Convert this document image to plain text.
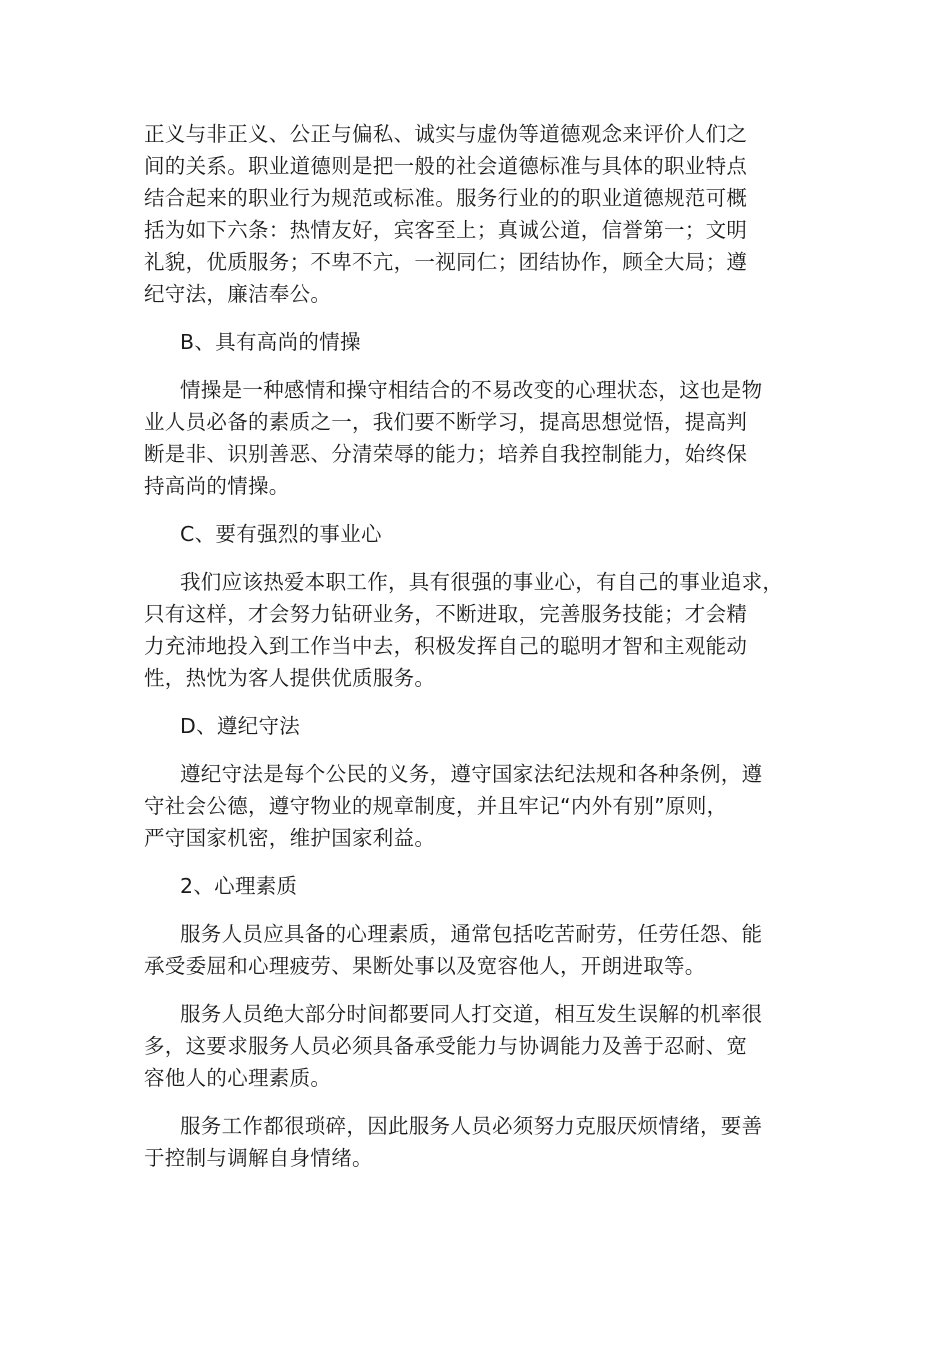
正义与非正义、公正与偏私、诚实与虚伪等道德观念来评价人们之
间的关系。职业道德则是把一般的社会道德标准与具体的职业特点
结合起来的职业行为规范或标准。服务行业的的职业道德规范可概
括为如下六条：热情友好，宾客至上；真诚公道，信誉第一；文明
礼貌，优质服务；不卑不亢，一视同仁；团结协作，顾全大局；遵
纪守法，廉洁奉公。
B、具有高尚的情操
情操是一种感情和操守相结合的不易改变的心理状态，这也是物
业人员必备的素质之一，我们要不断学习，提高思想觉悟，提高判
断是非、识别善恶、分清荣辱的能力；培养自我控制能力，始终保
持高尚的情操。
C、要有强烈的事业心
我们应该热爱本职工作，具有很强的事业心，有自己的事业追求，
只有这样，才会努力钻研业务，不断进取，完善服务技能；才会精
力充沛地投入到工作当中去，积极发挥自己的聪明才智和主观能动
性，热忱为客人提供优质服务。
D、遵纪守法
遵纪守法是每个公民的义务，遵守国家法纪法规和各种条例，遵
守社会公德，遵守物业的规章制度，并且牢记“内外有别”原则，
严守国家机密，维护国家利益。
2、心理素质
服务人员应具备的心理素质，通常包括吃苦耐劳，任劳任怨、能
承受委屈和心理疲劳、果断处事以及宽容他人，开朗进取等。
服务人员绝大部分时间都要同人打交道，相互发生误解的机率很
多，这要求服务人员必须具备承受能力与协调能力及善于忍耐、宽
容他人的心理素质。
服务工作都很琐碎，因此服务人员必须努力克服厌烦情绪，要善
于控制与调解自身情绪。
